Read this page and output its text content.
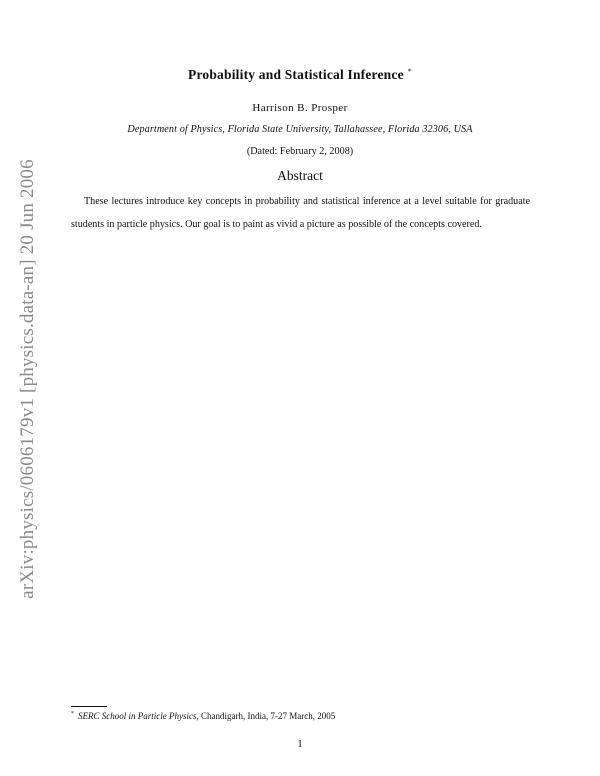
arXiv:physics/0606179v1 [physics.data-an] 20 Jun 2006
Probability and Statistical Inference *
Harrison B. Prosper
Department of Physics, Florida State University, Tallahassee, Florida 32306, USA
(Dated: February 2, 2008)
Abstract
These lectures introduce key concepts in probability and statistical inference at a level suitable for graduate students in particle physics. Our goal is to paint as vivid a picture as possible of the concepts covered.
* SERC School in Particle Physics, Chandigarh, India, 7-27 March, 2005
1
